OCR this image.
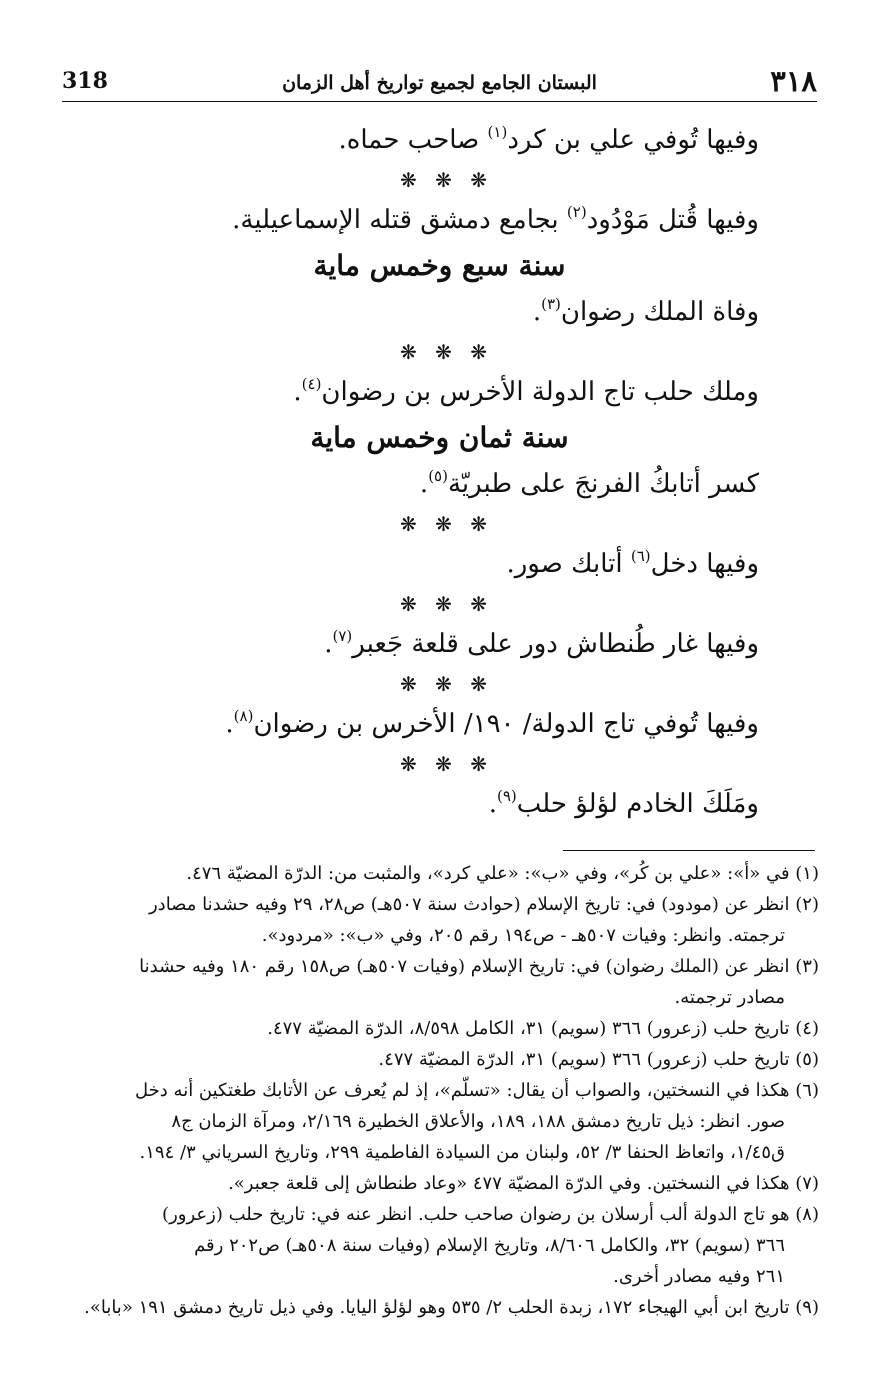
٣١٨
البستان الجامع لجميع تواريخ أهل الزمان
318
وفيها تُوفي علي بن كرد$^{(١)}$ صاحب حماه.
❋ ❋ ❋
وفيها قُتل مَوْدُود$^{(٢)}$ بجامع دمشق قتله الإسماعيلية.
سنة سبع وخمس ماية
وفاة الملك رضوان$^{(٣)}$.
❋ ❋ ❋
وملك حلب تاج الدولة الأخرس بن رضوان$^{(٤)}$.
سنة ثمان وخمس ماية
كسر أتابكُ الفرنجَ على طبريّة$^{(٥)}$.
❋ ❋ ❋
وفيها دخل$^{(٦)}$ أتابك صور.
❋ ❋ ❋
وفيها غار طُنطاش دور على قلعة جَعبر$^{(٧)}$.
❋ ❋ ❋
وفيها تُوفي تاج الدولة/ ١٩٠/ الأخرس بن رضوان$^{(٨)}$.
❋ ❋ ❋
ومَلَكَ الخادم لؤلؤ حلب$^{(٩)}$.
(١) في «أ»: «علي بن كُر»، وفي «ب»: «علي كرد»، والمثبت من: الدرّة المضيّة ٤٧٦.
(٢) انظر عن (مودود) في: تاريخ الإسلام (حوادث سنة ٥٠٧هـ) ص٢٨، ٢٩ وفيه حشدنا مصادر
ترجمته. وانظر: وفيات ٥٠٧هـ - ص١٩٤ رقم ٢٠٥، وفي «ب»: «مردود».
(٣) انظر عن (الملك رضوان) في: تاريخ الإسلام (وفيات ٥٠٧هـ) ص١٥٨ رقم ١٨٠ وفيه حشدنا
مصادر ترجمته.
(٤) تاريخ حلب (زعرور) ٣٦٦ (سويم) ٣١، الكامل ٨/٥٩٨، الدرّة المضيّة ٤٧٧.
(٥) تاريخ حلب (زعرور) ٣٦٦ (سويم) ٣١، الدرّة المضيّة ٤٧٧.
(٦) هكذا في النسختين، والصواب أن يقال: «تسلّم»، إذ لم يُعرف عن الأتابك طغتكين أنه دخل
صور. انظر: ذيل تاريخ دمشق ١٨٨، ١٨٩، والأعلاق الخطيرة ٢/١٦٩، ومرآة الزمان ج٨
ق١/٤٥، واتعاظ الحنفا ٣/ ٥٢، ولبنان من السيادة الفاطمية ٢٩٩، وتاريخ السرياني ٣/ ١٩٤.
(٧) هكذا في النسختين. وفي الدرّة المضيّة ٤٧٧ «وعاد طنطاش إلى قلعة جعبر».
(٨) هو تاج الدولة ألب أرسلان بن رضوان صاحب حلب. انظر عنه في: تاريخ حلب (زعرور)
٣٦٦ (سويم) ٣٢، والكامل ٨/٦٠٦، وتاريخ الإسلام (وفيات سنة ٥٠٨هـ) ص٢٠٢ رقم
٢٦١ وفيه مصادر أخرى.
(٩) تاريخ ابن أبي الهيجاء ١٧٢، زبدة الحلب ٢/ ٥٣٥ وهو لؤلؤ اليايا. وفي ذيل تاريخ دمشق ١٩١ «بابا».
